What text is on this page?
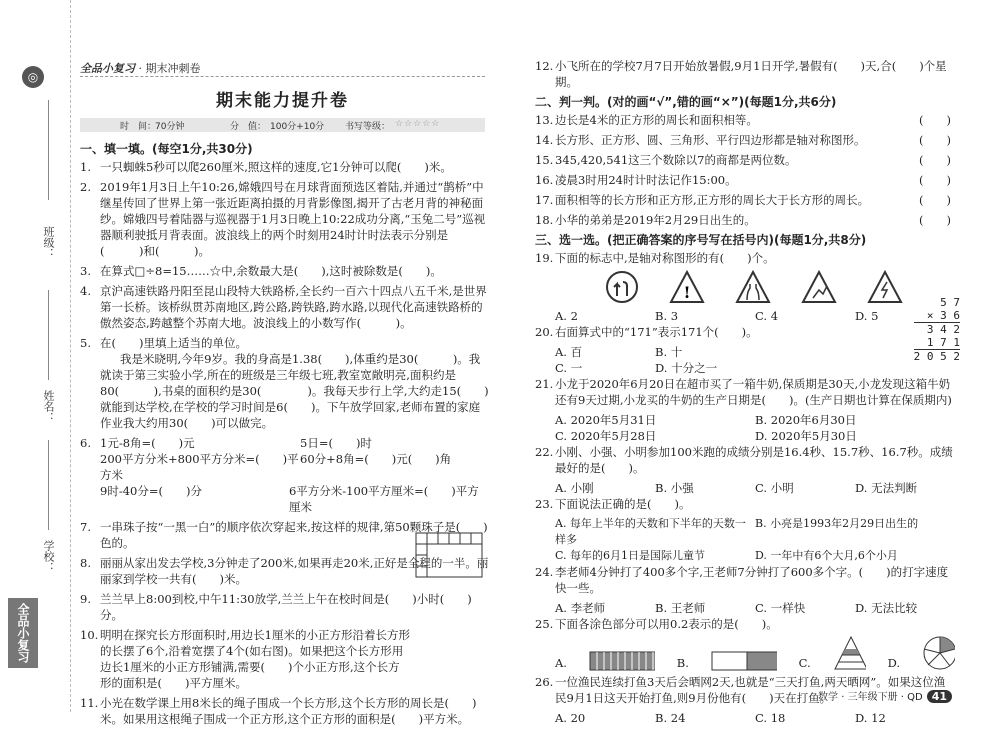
◎
班级：
姓名：
学校：
全品小复习
全品小复习 · 期末冲刺卷
期末能力提升卷
时　间：
70分钟	分　值： 100分+10分 书写等级： ☆☆☆☆☆
一、填一填。(每空1分,共30分)
1. 一只蜘蛛5秒可以爬260厘米,照这样的速度,它1分钟可以爬(　　)米。
2. 2019年1月3日上午10:26,嫦娥四号在月球背面预选区着陆,并通过“鹊桥”中继星传回了世界上第一张近距离拍摄的月背影像图,揭开了古老月背的神秘面纱。嫦娥四号着陆器与巡视器于1月3日晚上10:22成功分离,“玉兔二号”巡视器顺利驶抵月背表面。波浪线上的两个时刻用24时计时法表示分别是(　　　)和(　　　)。
3. 在算式□÷8=15……☆中,余数最大是(　　),这时被除数是(　　)。
4. 京沪高速铁路丹阳至昆山段特大铁路桥,全长约一百六十四点八五千米,是世界第一长桥。该桥纵贯苏南地区,跨公路,跨铁路,跨水路,以现代化高速铁路桥的傲然姿态,跨越整个苏南大地。波浪线上的小数写作(　　　)。
5. 在(　　)里填上适当的单位。
我是米晓明,今年9岁。我的身高是1.38(　　),体重约是30(　　　)。我就读于第三实验小学,所在的班级是三年级七班,教室宽敞明亮,面积约是80(　　　),书桌的面积约是30(　　　　)。我每天步行上学,大约走15(　　)就能到达学校,在学校的学习时间是6(　　)。下午放学回家,老师布置的家庭作业我大约用30(　　)可以做完。
6. 1元-8角=(　　)元	5日=(　　)时
200平方分米+800平方分米=(　　)平方米
60分+8角=(　　)元(　　)角
9时-40分=(　　)分	6平方分米-100平方厘米=(　　)平方厘米
7. 一串珠子按“一黑一白”的顺序依次穿起来,按这样的规律,第50颗珠子是(　　)色的。
8. 丽丽从家出发去学校,3分钟走了200米,如果再走20米,正好是全程的一半。丽丽家到学校一共有(　　)米。
9. 兰兰早上8:00到校,中午11:30放学,兰兰上午在校时间是(　　)小时(　　)分。
10. 明明在探究长方形面积时,用边长1厘米的小正方形沿着长方形的长摆了6个,沿着宽摆了4个(如右图)。如果把这个长方形用边长1厘米的小正方形铺满,需要(　　)个小正方形,这个长方形的面积是(　　)平方厘米。
11. 小光在数学课上用8米长的绳子围成一个长方形,这个长方形的周长是(　　)米。如果用这根绳子围成一个正方形,这个正方形的面积是(　　)平方米。
12. 小飞所在的学校7月7日开始放暑假,9月1日开学,暑假有(　　)天,合(　　)个星期。
二、判一判。(对的画“√”,错的画“×”)(每题1分,共6分)
13. 边长是4米的正方形的周长和面积相等。	(　　)
14. 长方形、正方形、圆、三角形、平行四边形都是轴对称图形。	(　　)
15. 345,420,541这三个数除以7的商都是两位数。	(　　)
16. 凌晨3时用24时计时法记作15:00。	(　　)
17. 面积相等的长方形和正方形,正方形的周长大于长方形的周长。	(　　)
18. 小华的弟弟是2019年2月29日出生的。	(　　)
三、选一选。(把正确答案的序号写在括号内)(每题1分,共8分)
19. 下面的标志中,是轴对称图形的有(　　)个。
!
A. 2	B. 3	C. 4	D. 5
20. 右面算式中的“171”表示171个(　　)。
A. 百	B. 十
C. 一	D. 十分之一
21. 小龙于2020年6月20日在超市买了一箱牛奶,保质期是30天,小龙发现这箱牛奶还有9天过期,小龙买的牛奶的生产日期是(　　)。(生产日期也计算在保质期内)
A. 2020年5月31日	B. 2020年6月30日
C. 2020年5月28日	D. 2020年5月30日
22. 小刚、小强、小明参加100米跑的成绩分别是16.4秒、15.7秒、16.7秒。成绩最好的是(　　)。
A. 小刚	B. 小强	C. 小明	D. 无法判断
23. 下面说法正确的是(　　)。
A. 每年上半年的天数和下半年的天数一样多
B. 小亮是1993年2月29日出生的
C. 每年的6月1日是国际儿童节	D. 一年中有6个大月,6个小月
24. 李老师4分钟打了400多个字,王老师7分钟打了600多个字。(　　)的打字速度快一些。
A. 李老师	B. 王老师	C. 一样快	D. 无法比较
25. 下面各涂色部分可以用0.2表示的是(　　)。
A.	B.	C.	D.
26. 一位渔民连续打鱼3天后会晒网2天,也就是“三天打鱼,两天晒网”。如果这位渔民9月1日这天开始打鱼,则9月份他有(　　)天在打鱼。
A. 20	B. 24	C. 18	D. 12
5 7
× 3 6
3 4 2
1 7 1
2 0 5 2
数学 · 三年级下册 · QD 41
